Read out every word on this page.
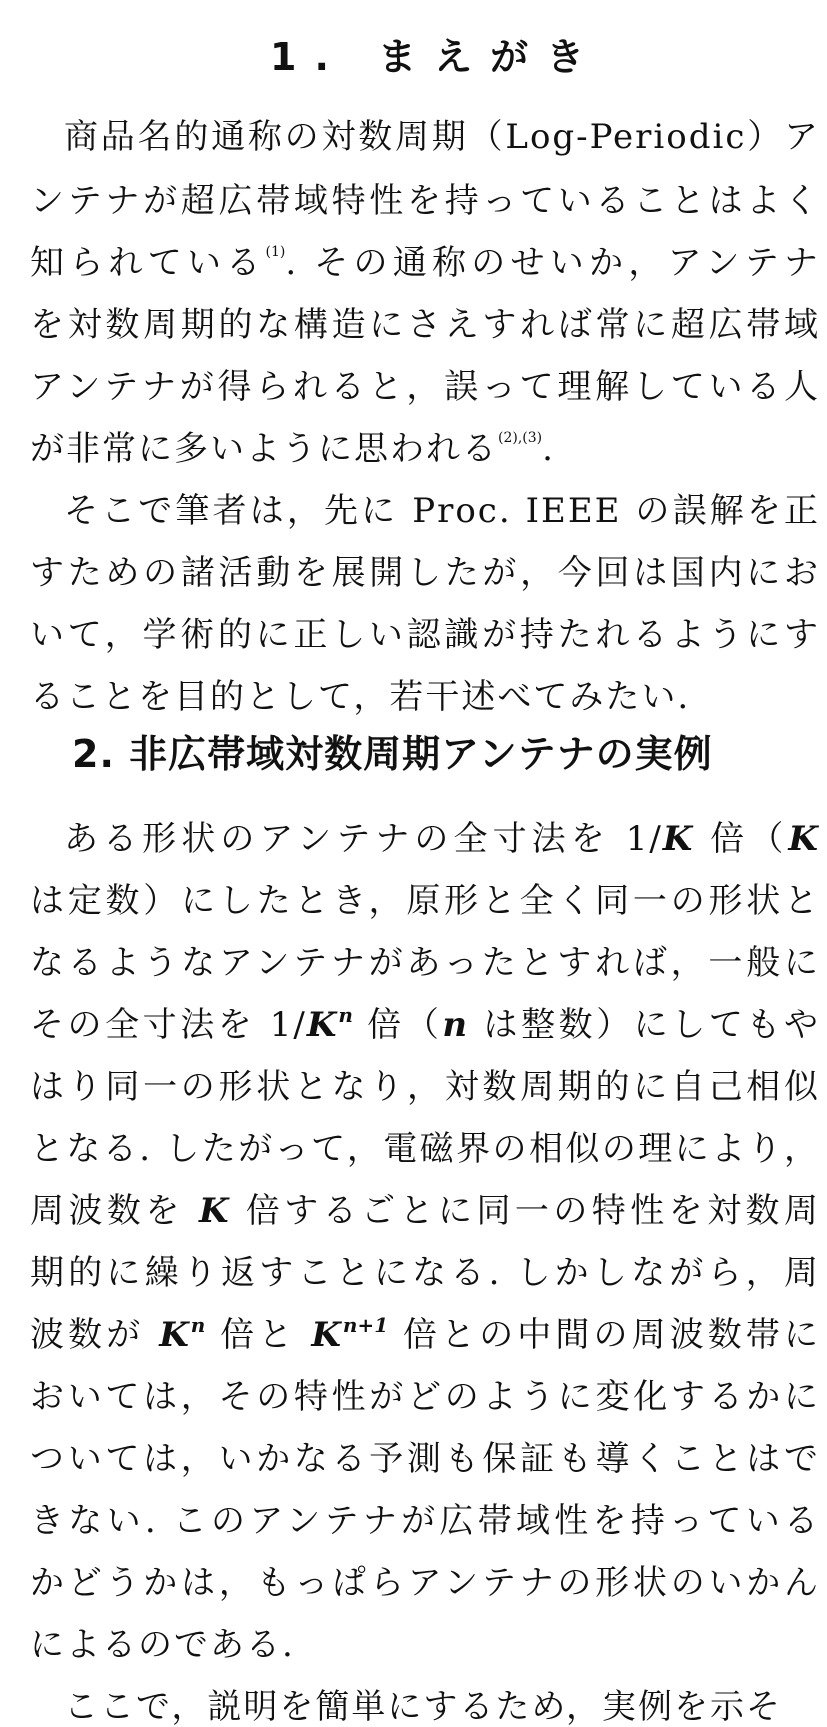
1. まえがき
商品名的通称の対数周期（Log-Periodic）ア
ンテナが超広帯域特性を持っていることはよく
知られている$^{(1)}$. その通称のせいか，アンテナ
を対数周期的な構造にさえすれば常に超広帯域
アンテナが得られると，誤って理解している人
が非常に多いように思われる$^{(2),(3)}$.
そこで筆者は，先に Proc. IEEE の誤解を正
すための諸活動を展開したが，今回は国内にお
いて，学術的に正しい認識が持たれるようにす
ることを目的として，若干述べてみたい.
2. 非広帯域対数周期アンテナの実例
ある形状のアンテナの全寸法を 1/K 倍（K
は定数）にしたとき，原形と全く同一の形状と
なるようなアンテナがあったとすれば，一般に
その全寸法を $1/K^n$ 倍（n は整数）にしてもや
はり同一の形状となり，対数周期的に自己相似
となる. したがって，電磁界の相似の理により，
周波数を K 倍するごとに同一の特性を対数周
期的に繰り返すことになる. しかしながら，周
波数が $K^n$ 倍と $K^{n+1}$ 倍との中間の周波数帯に
おいては，その特性がどのように変化するかに
ついては，いかなる予測も保証も導くことはで
きない. このアンテナが広帯域性を持っている
かどうかは，もっぱらアンテナの形状のいかん
によるのである.
ここで，説明を簡単にするため，実例を示そ
